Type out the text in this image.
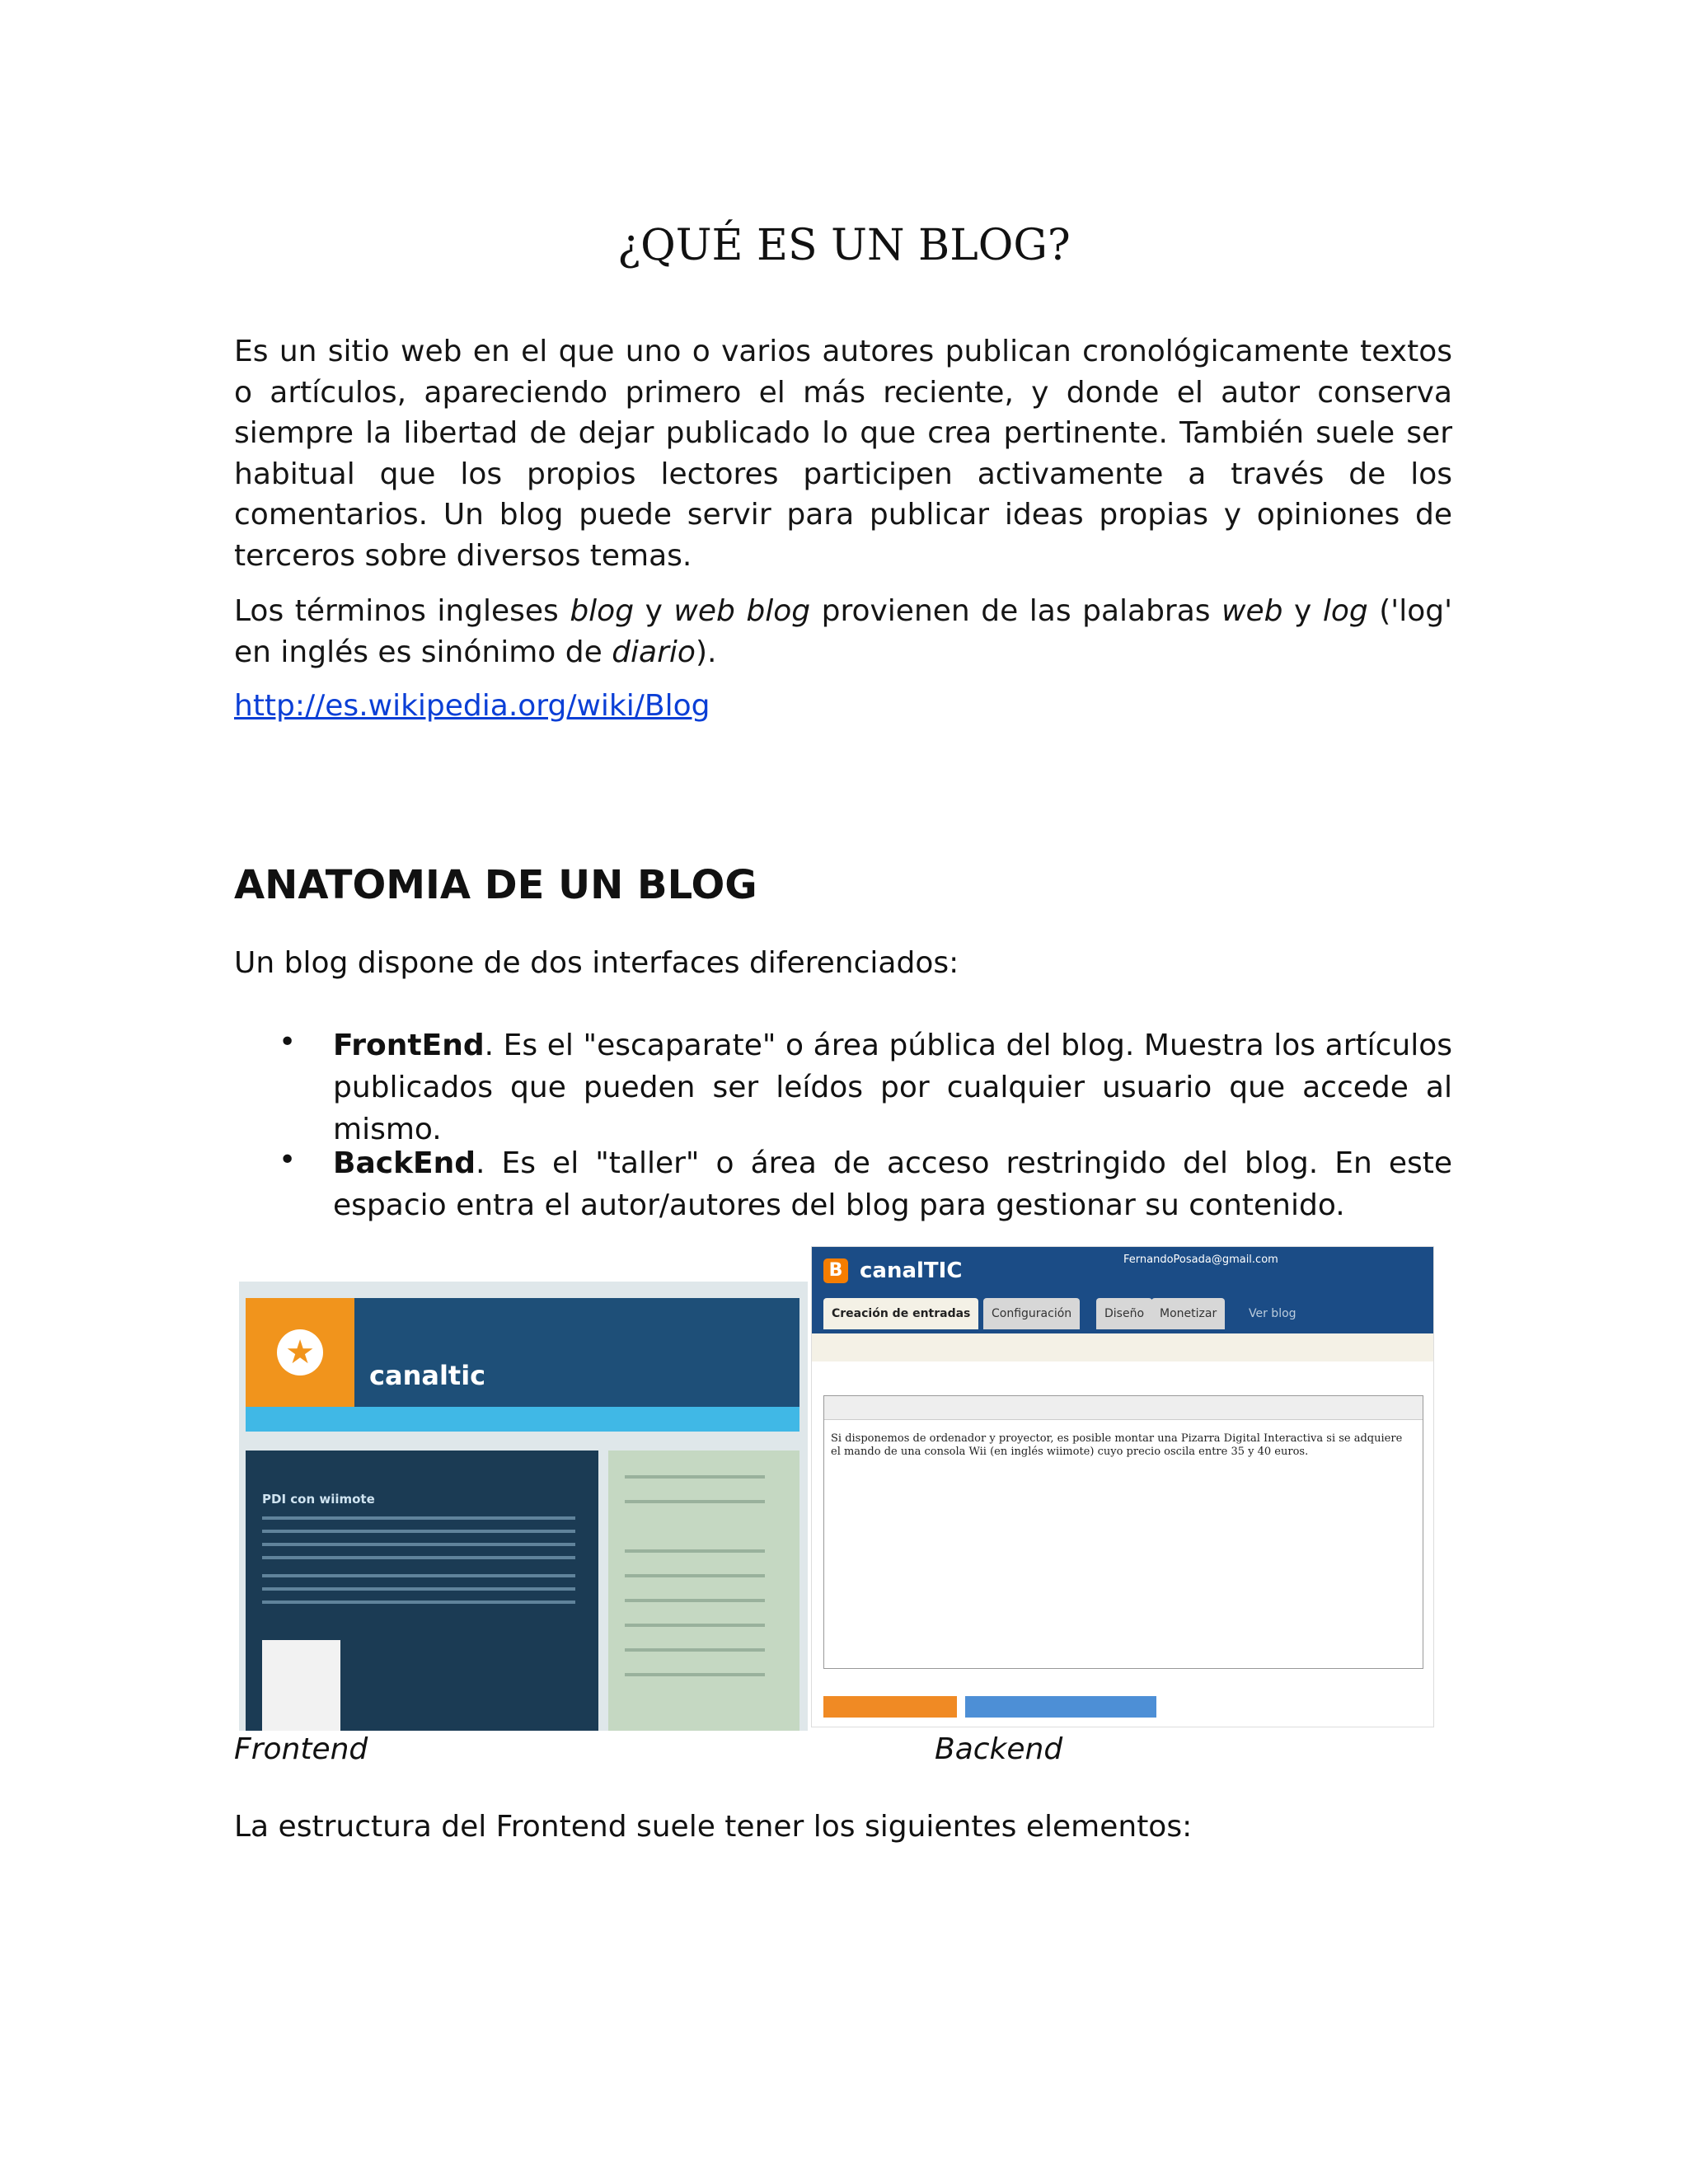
¿QUÉ ES UN BLOG?

Es un sitio web en el que uno o varios autores publican cronológicamente textos o artículos, apareciendo primero el más reciente, y donde el autor conserva siempre la libertad de dejar publicado lo que crea pertinente. También suele ser habitual que los propios lectores participen activamente a través de los comentarios. Un blog puede servir para publicar ideas propias y opiniones de terceros sobre diversos temas.

Los términos ingleses blog y web blog provienen de las palabras web y log ('log' en inglés es sinónimo de diario).

http://es.wikipedia.org/wiki/Blog
ANATOMIA DE UN BLOG
Un blog dispone de dos interfaces diferenciados:
• FrontEnd. Es el "escaparate" o área pública del blog. Muestra los artículos publicados que pueden ser leídos por cualquier usuario que accede al mismo.

• BackEnd. Es el "taller" o área de acceso restringido del blog. En este espacio entra el autor/autores del blog para gestionar su contenido.

★
canaltic
PDI con wiimote
B canalTIC	FernandoPosada@gmail.com
Creación de entradas	Configuración	Diseño	Monetizar	Ver blog
Si disponemos de ordenador y proyector, es posible montar una Pizarra Digital Interactiva si se adquiere el mando de una consola Wii (en inglés wiimote) cuyo precio oscila entre 35 y 40 euros.
Frontend	Backend
La estructura del Frontend suele tener los siguientes elementos:
